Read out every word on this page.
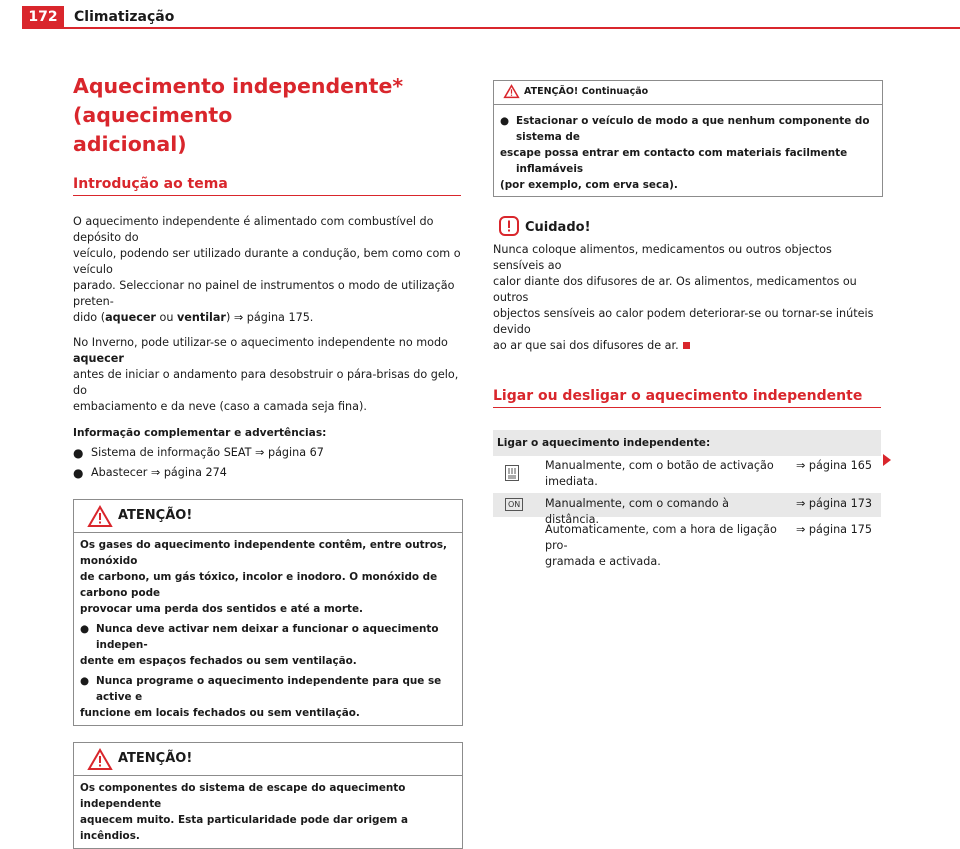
172	Climatização
Aquecimento independente* (aquecimento
adicional)
Introdução ao tema

O aquecimento independente é alimentado com combustível do depósito do
veículo, podendo ser utilizado durante a condução, bem como com o veículo
parado. Seleccionar no painel de instrumentos o modo de utilização preten-
dido (aquecer ou ventilar) ⇒ página 175.

No Inverno, pode utilizar-se o aquecimento independente no modo aquecer
antes de iniciar o andamento para desobstruir o pára-brisas do gelo, do
embaciamento e da neve (caso a camada seja fina).

Informação complementar e advertências:

● Sistema de informação SEAT ⇒ página 67
● Abastecer ⇒ página 274
ATENÇÃO!
Os gases do aquecimento independente contêm, entre outros, monóxido
de carbono, um gás tóxico, incolor e inodoro. O monóxido de carbono pode
provocar uma perda dos sentidos e até a morte.
● Nunca deve activar nem deixar a funcionar o aquecimento indepen-
dente em espaços fechados ou sem ventilação.
● Nunca programe o aquecimento independente para que se active e
funcione em locais fechados ou sem ventilação.
ATENÇÃO!
Os componentes do sistema de escape do aquecimento independente
aquecem muito. Esta particularidade pode dar origem a incêndios.
ATENÇÃO! Continuação
● Estacionar o veículo de modo a que nenhum componente do sistema de
escape possa entrar em contacto com materiais facilmente inflamáveis
(por exemplo, com erva seca).
Cuidado!

Nunca coloque alimentos, medicamentos ou outros objectos sensíveis ao
calor diante dos difusores de ar. Os alimentos, medicamentos ou outros
objectos sensíveis ao calor podem deteriorar-se ou tornar-se inúteis devido
ao ar que sai dos difusores de ar.

Ligar ou desligar o aquecimento independente
Ligar o aquecimento independente:
Manualmente, com o botão de activação
imediata.
⇒ página 165
ON Manualmente, com o comando à distância.
⇒ página 173
Automaticamente, com a hora de ligação pro-
gramada e activada.
⇒ página 175
